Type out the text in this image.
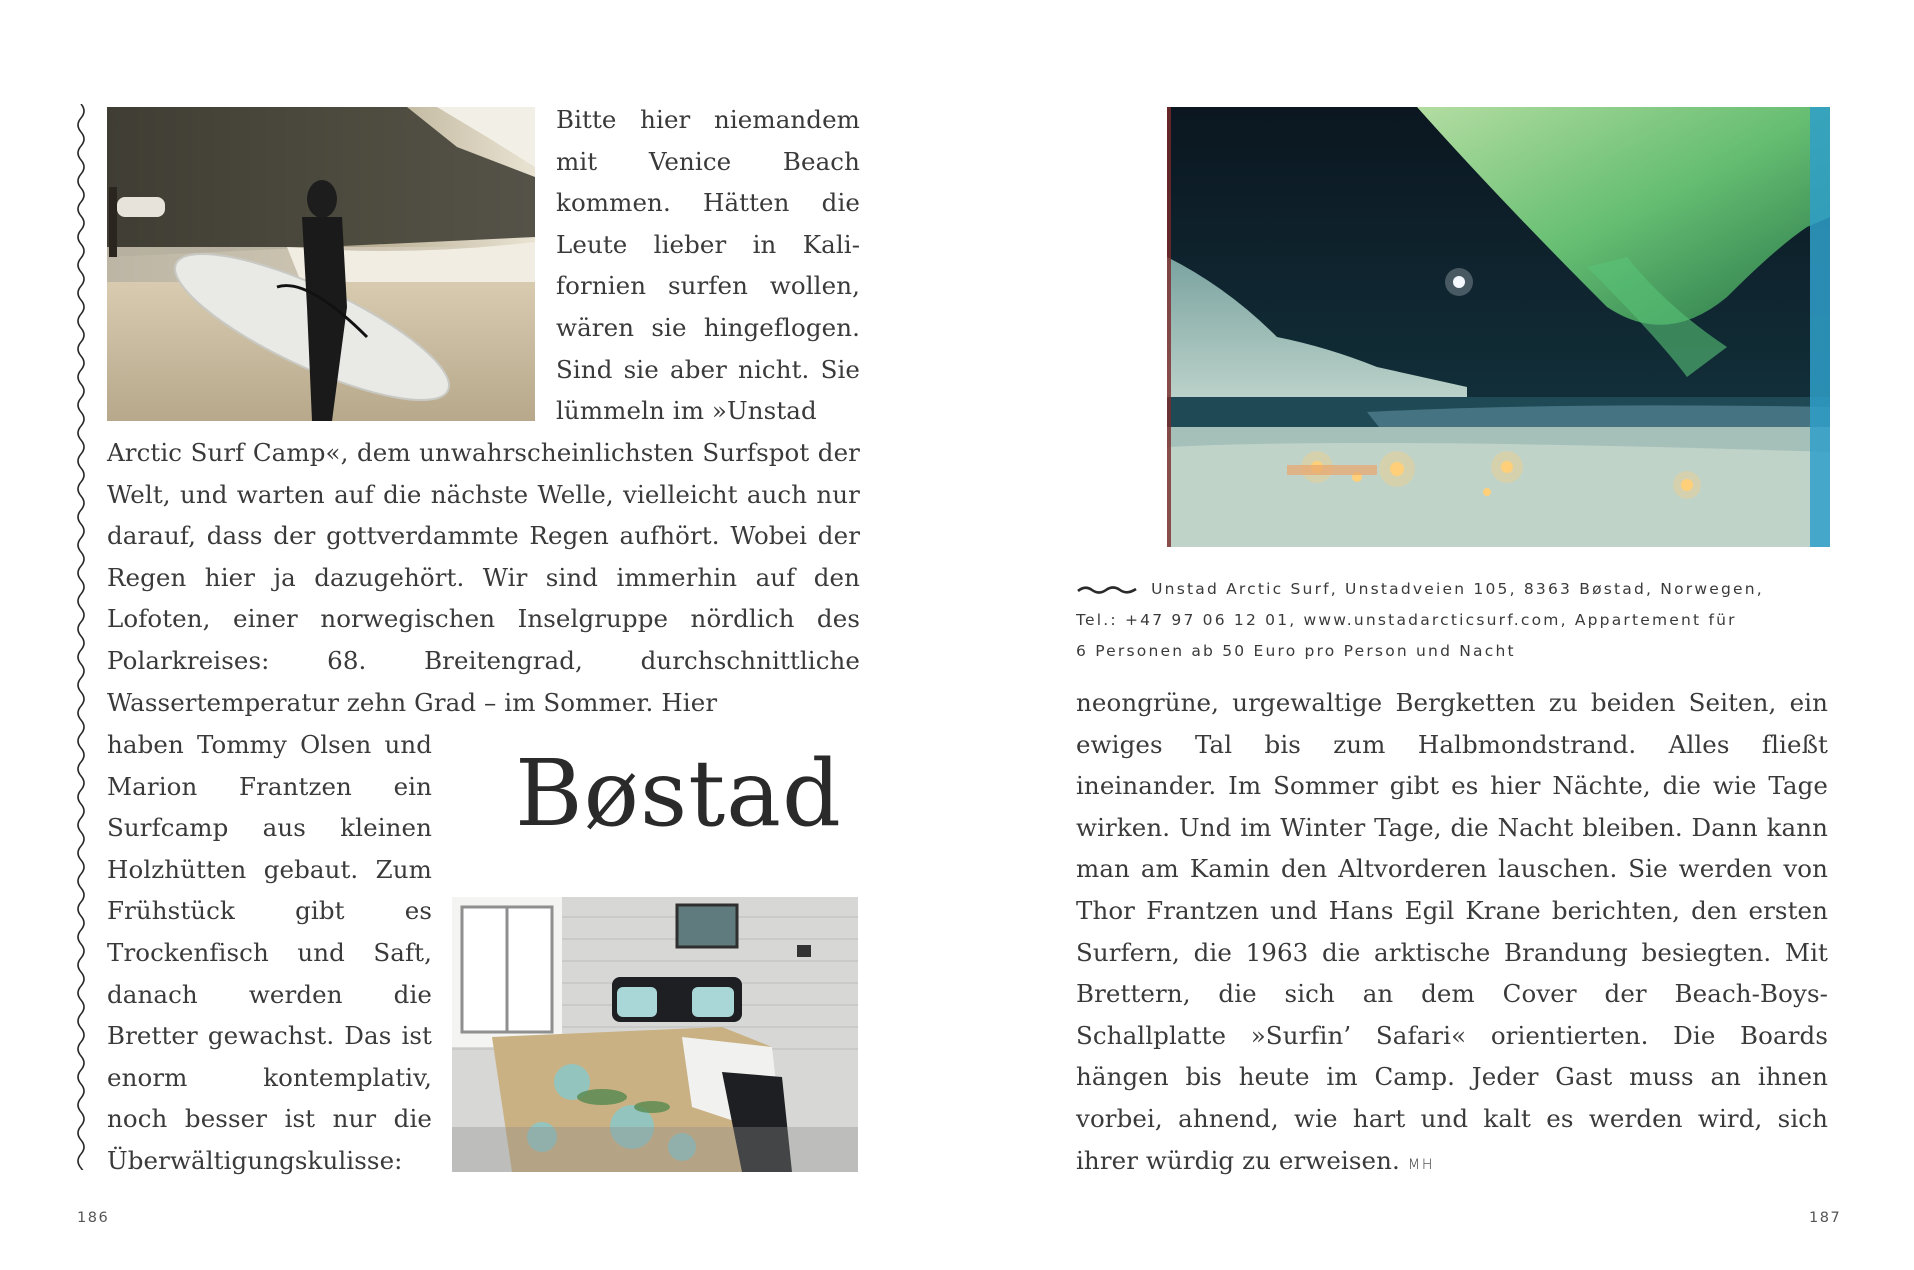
Bitte hier niemandem mit Venice Beach kommen. Hätten die Leute lieber in Kalifornien surfen wollen, wären sie hingeflogen. Sind sie aber nicht. Sie lümmeln im »Unstad

Arctic Surf Camp«, dem unwahrscheinlichsten Surfspot der Welt, und warten auf die nächste Welle, vielleicht auch nur darauf, dass der gottverdammte Regen aufhört. Wobei der Regen hier ja dazugehört. Wir sind immerhin auf den Lofoten, einer norwegischen Inselgruppe nördlich des Polarkreises: 68. Breitengrad, durchschnittliche Wassertemperatur zehn Grad – im Sommer. Hier

haben Tommy Olsen und Marion Frantzen ein Surfcamp aus kleinen Holzhütten gebaut. Zum Frühstück gibt es Trockenfisch und Saft, danach werden die Bretter gewachst. Das ist enorm kontemplativ, noch besser ist nur die Überwältigungskulisse:

Bøstad
186
Unstad Arctic Surf, Unstadveien 105, 8363 Bøstad, Norwegen,
Tel.: +47 97 06 12 01, www.unstadarcticsurf.com, Appartement für
6 Personen ab 50 Euro pro Person und Nacht

neongrüne, urgewaltige Bergketten zu beiden Seiten, ein ewiges Tal bis zum Halbmondstrand. Alles fließt ineinander. Im Sommer gibt es hier Nächte, die wie Tage wirken. Und im Winter Tage, die Nacht bleiben. Dann kann man am Kamin den Altvorderen lauschen. Sie werden von Thor Frantzen und Hans Egil Krane berichten, den ersten Surfern, die 1963 die arktische Brandung besiegten. Mit Brettern, die sich an dem Cover der Beach-Boys-Schallplatte »Surfin’ Safari« orientierten. Die Boards hängen bis heute im Camp. Jeder Gast muss an ihnen vorbei, ahnend, wie hart und kalt es werden wird, sich ihrer würdig zu erweisen. MH

187
